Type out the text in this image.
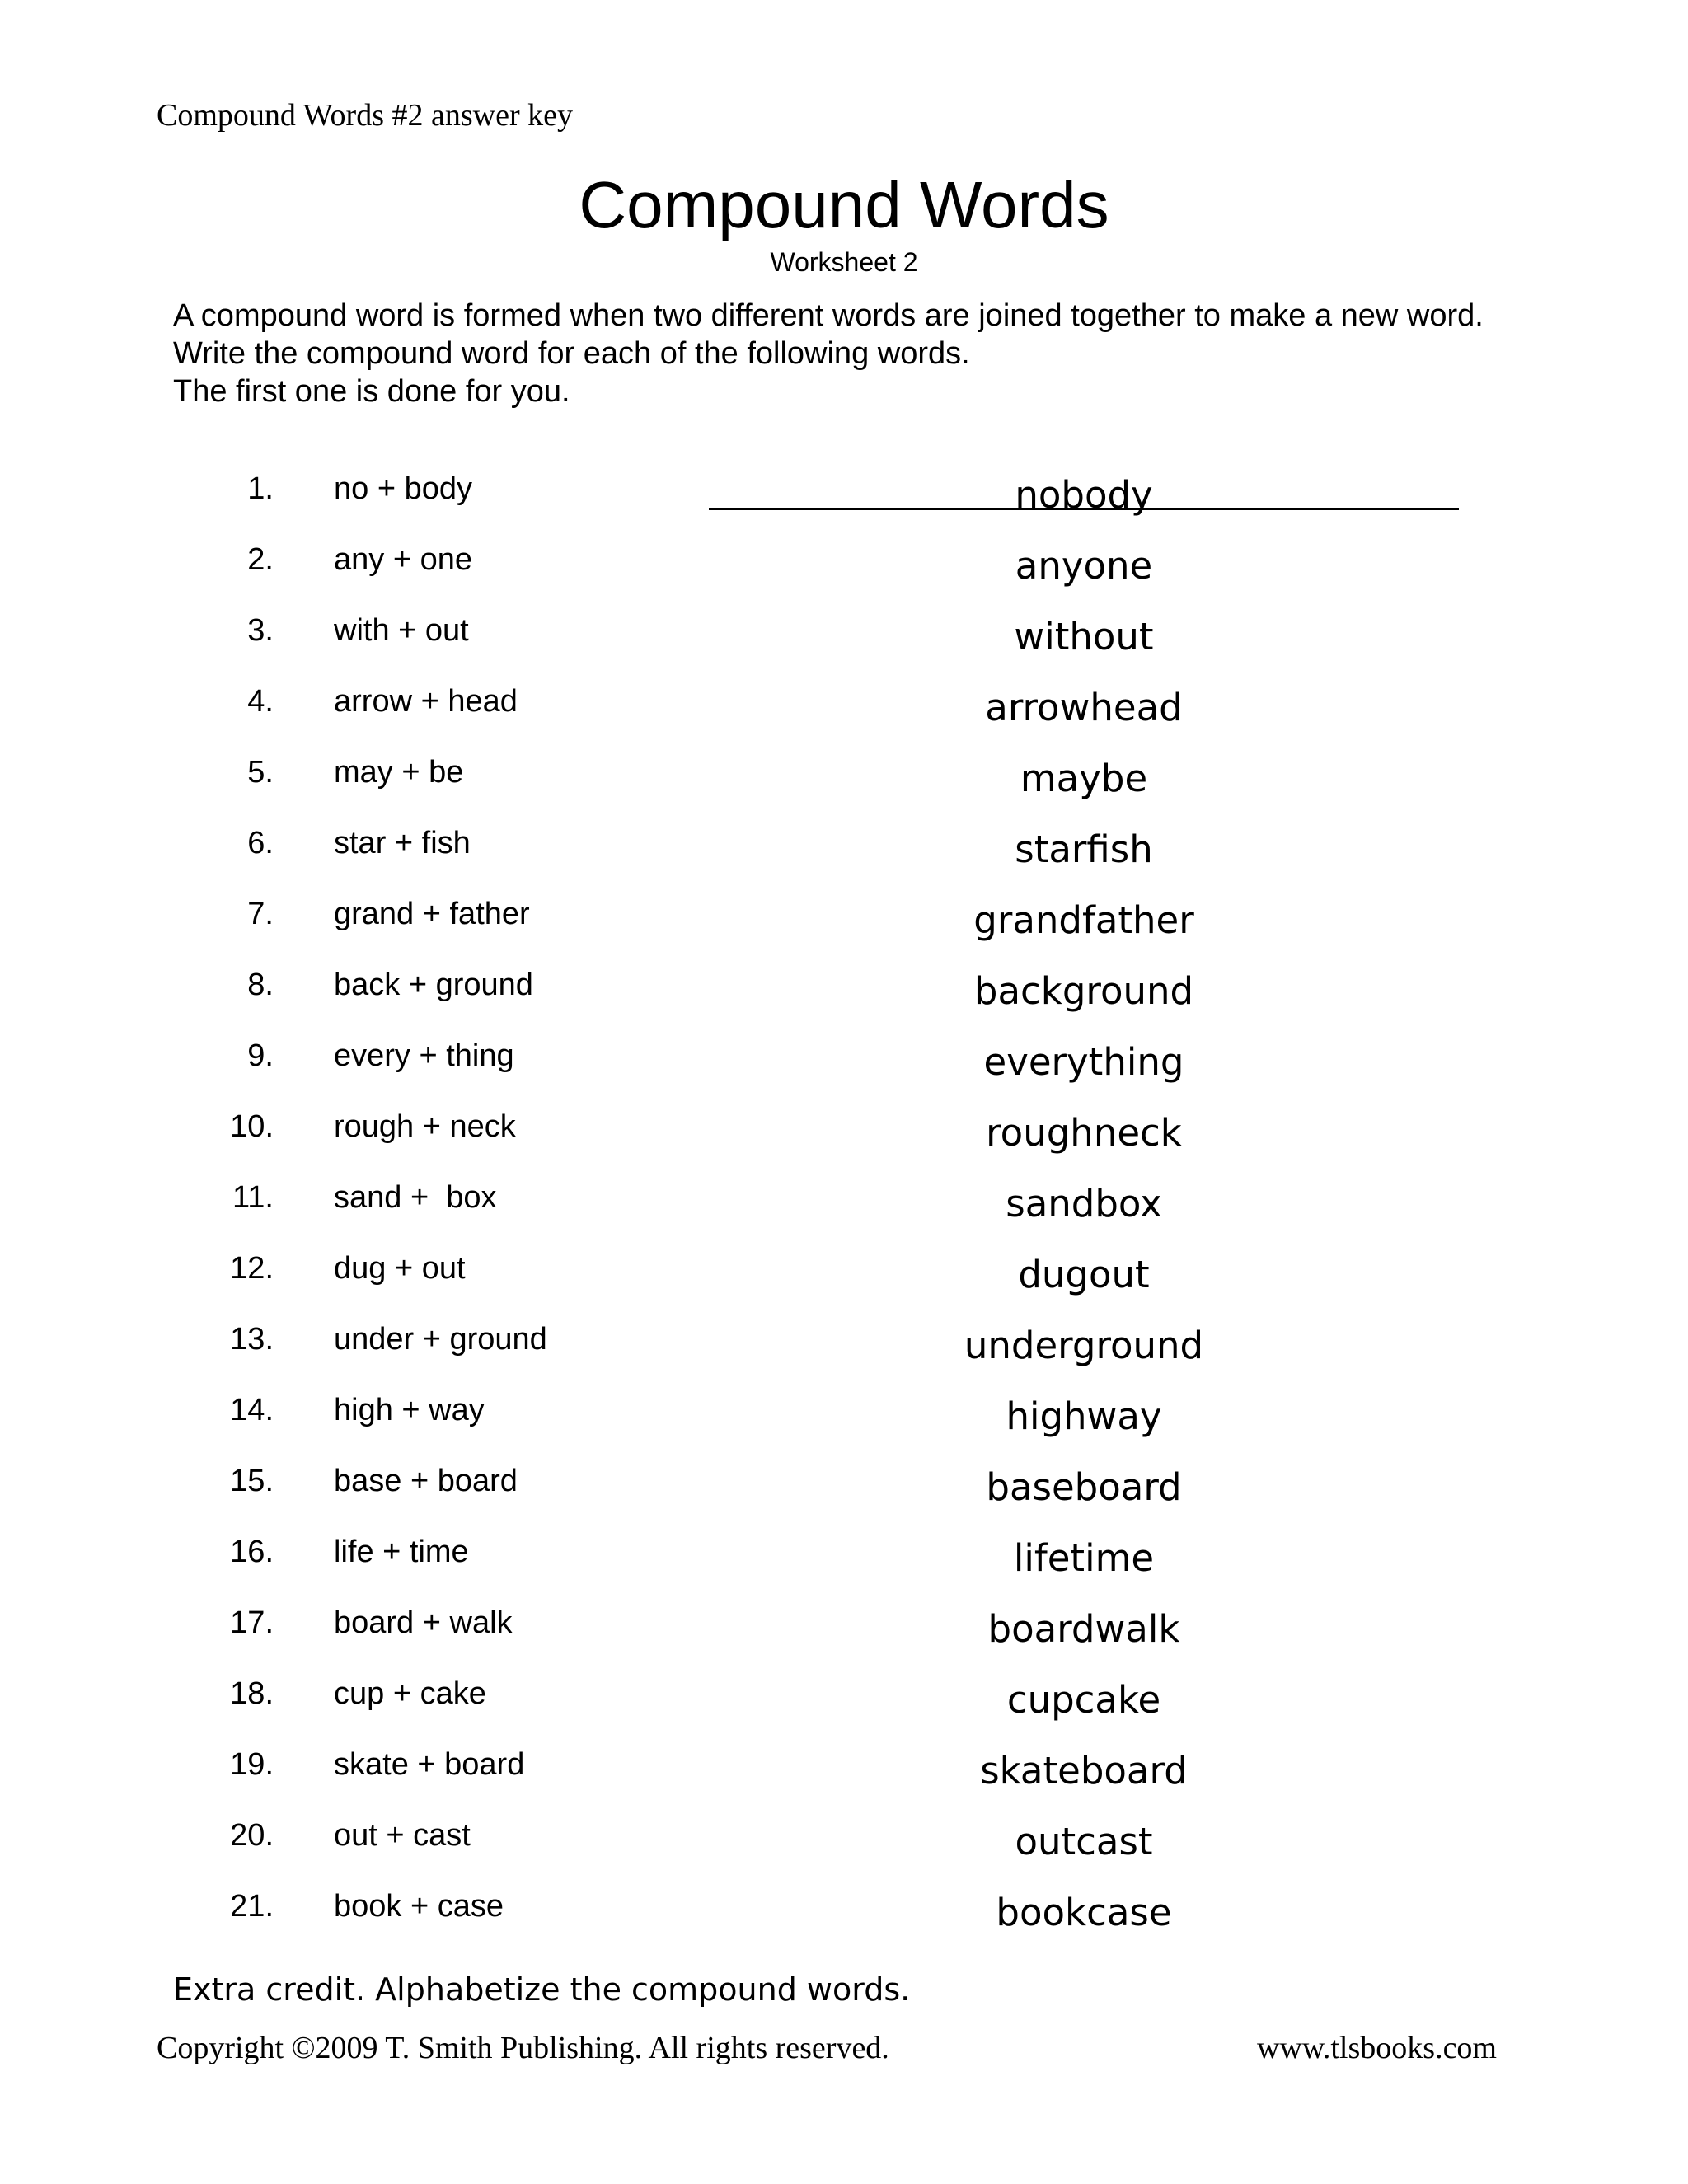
Compound Words #2 answer key
Compound Words
Worksheet 2

A compound word is formed when two different words are joined together to make a new word.

Write the compound word for each of the following words.

The first one is done for you.

1. no + body	nobody
2. any + one	anyone
3. with + out	without
4. arrow + head	arrowhead
5. may + be	maybe
6. star + fish	starfish
7. grand + father	grandfather
8. back + ground	background
9. every + thing	everything
10. rough + neck	roughneck
11. sand +  box	sandbox
12. dug + out	dugout
13. under + ground	underground
14. high + way	highway
15. base + board	baseboard
16. life + time	lifetime
17. board + walk	boardwalk
18. cup + cake	cupcake
19. skate + board	skateboard
20. out + cast	outcast
21. book + case	bookcase
Extra credit. Alphabetize the compound words.
Copyright ©2009 T. Smith Publishing. All rights reserved.	www.tlsbooks.com
